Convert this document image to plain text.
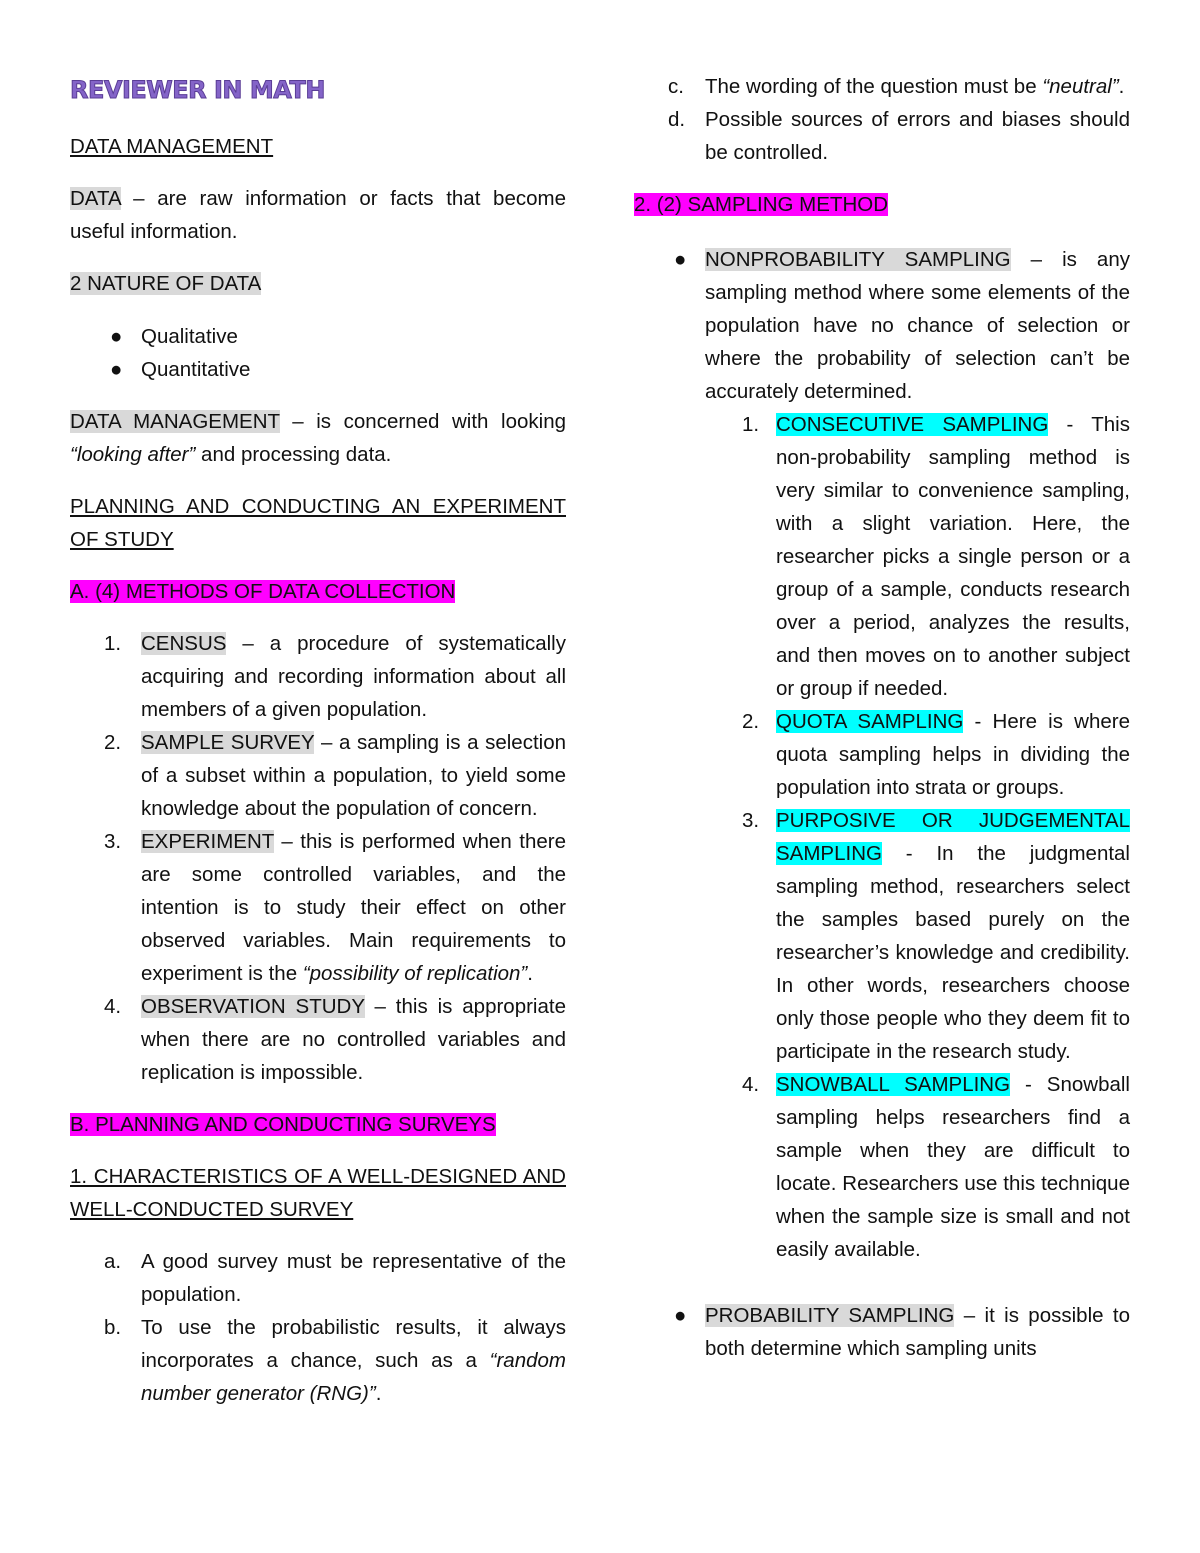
REVIEWER IN MATH

DATA MANAGEMENT

DATA – are raw information or facts that become useful information.

2 NATURE OF DATA

● Qualitative
● Quantitative

DATA MANAGEMENT – is concerned with looking “looking after” and processing data.

PLANNING AND CONDUCTING AN EXPERIMENT OF STUDY

A. (4) METHODS OF DATA COLLECTION

1. CENSUS – a procedure of systematically acquiring and recording information about all members of a given population.
2. SAMPLE SURVEY – a sampling is a selection of a subset within a population, to yield some knowledge about the population of concern.
3. EXPERIMENT – this is performed when there are some controlled variables, and the intention is to study their effect on other observed variables. Main requirements to experiment is the “possibility of replication”.
4. OBSERVATION STUDY – this is appropriate when there are no controlled variables and replication is impossible.

B. PLANNING AND CONDUCTING SURVEYS

1. CHARACTERISTICS OF A WELL-DESIGNED AND WELL-CONDUCTED SURVEY

a. A good survey must be representative of the population.
b. To use the probabilistic results, it always incorporates a chance, such as a “random number generator (RNG)”.
c. The wording of the question must be “neutral”.
d. Possible sources of errors and biases should be controlled.

2. (2) SAMPLING METHOD

● NONPROBABILITY SAMPLING – is any sampling method where some elements of the population have no chance of selection or where the probability of selection can’t be accurately determined.
1. CONSECUTIVE SAMPLING - This non-probability sampling method is very similar to convenience sampling, with a slight variation. Here, the researcher picks a single person or a group of a sample, conducts research over a period, analyzes the results, and then moves on to another subject or group if needed.
2. QUOTA SAMPLING - Here is where quota sampling helps in dividing the population into strata or groups.
3. PURPOSIVE OR JUDGEMENTAL SAMPLING - In the judgmental sampling method, researchers select the samples based purely on the researcher’s knowledge and credibility. In other words, researchers choose only those people who they deem fit to participate in the research study.
4. SNOWBALL SAMPLING - Snowball sampling helps researchers find a sample when they are difficult to locate. Researchers use this technique when the sample size is small and not easily available.
● PROBABILITY SAMPLING – it is possible to both determine which sampling units
